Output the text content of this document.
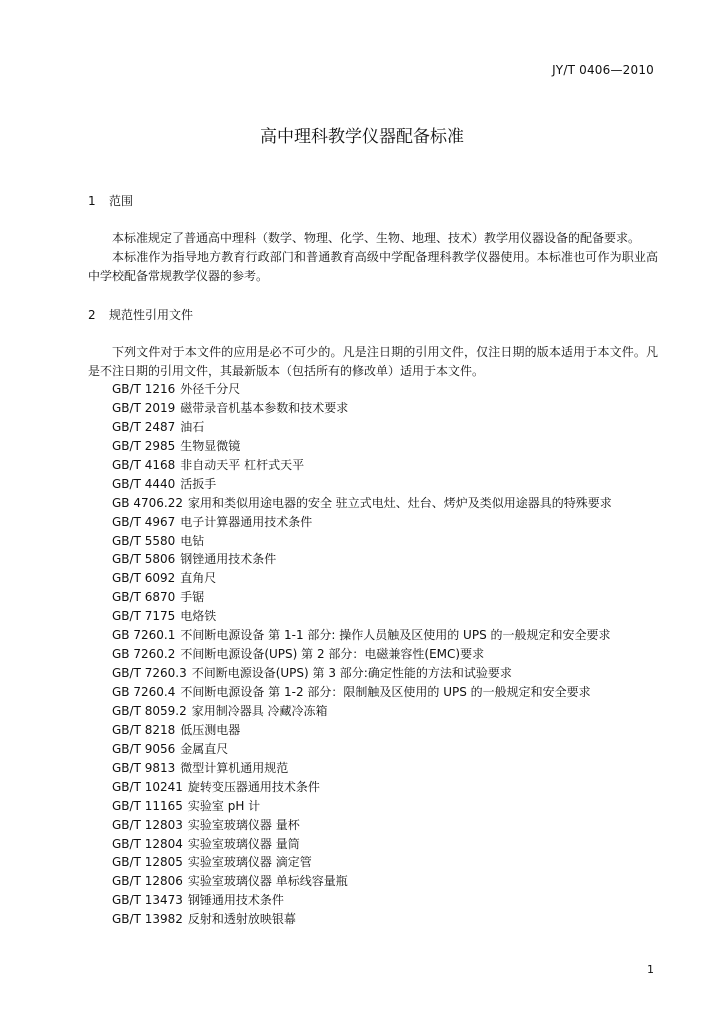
JY/T 0406—2010
高中理科教学仪器配备标准
1 范围

本标准规定了普通高中理科（数学、物理、化学、生物、地理、技术）教学用仪器设备的配备要求。

本标准作为指导地方教育行政部门和普通教育高级中学配备理科教学仪器使用。本标准也可作为职业高中学校配备常规教学仪器的参考。

2 规范性引用文件

下列文件对于本文件的应用是必不可少的。凡是注日期的引用文件，仅注日期的版本适用于本文件。凡是不注日期的引用文件，其最新版本（包括所有的修改单）适用于本文件。

GB/T 1216 外径千分尺
GB/T 2019 磁带录音机基本参数和技术要求
GB/T 2487 油石
GB/T 2985 生物显微镜
GB/T 4168 非自动天平 杠杆式天平
GB/T 4440 活扳手
GB 4706.22 家用和类似用途电器的安全 驻立式电灶、灶台、烤炉及类似用途器具的特殊要求
GB/T 4967 电子计算器通用技术条件
GB/T 5580 电钻
GB/T 5806 钢锉通用技术条件
GB/T 6092 直角尺
GB/T 6870 手锯
GB/T 7175 电烙铁
GB 7260.1 不间断电源设备 第 1-1 部分: 操作人员触及区使用的 UPS 的一般规定和安全要求
GB 7260.2 不间断电源设备(UPS) 第 2 部分：电磁兼容性(EMC)要求
GB/T 7260.3 不间断电源设备(UPS) 第 3 部分:确定性能的方法和试验要求
GB 7260.4 不间断电源设备 第 1-2 部分：限制触及区使用的 UPS 的一般规定和安全要求
GB/T 8059.2 家用制冷器具 冷藏冷冻箱
GB/T 8218 低压测电器
GB/T 9056 金属直尺
GB/T 9813 微型计算机通用规范
GB/T 10241 旋转变压器通用技术条件
GB/T 11165 实验室 pH 计
GB/T 12803 实验室玻璃仪器 量杯
GB/T 12804 实验室玻璃仪器 量筒
GB/T 12805 实验室玻璃仪器 滴定管
GB/T 12806 实验室玻璃仪器 单标线容量瓶
GB/T 13473 钢锤通用技术条件
GB/T 13982 反射和透射放映银幕
1
